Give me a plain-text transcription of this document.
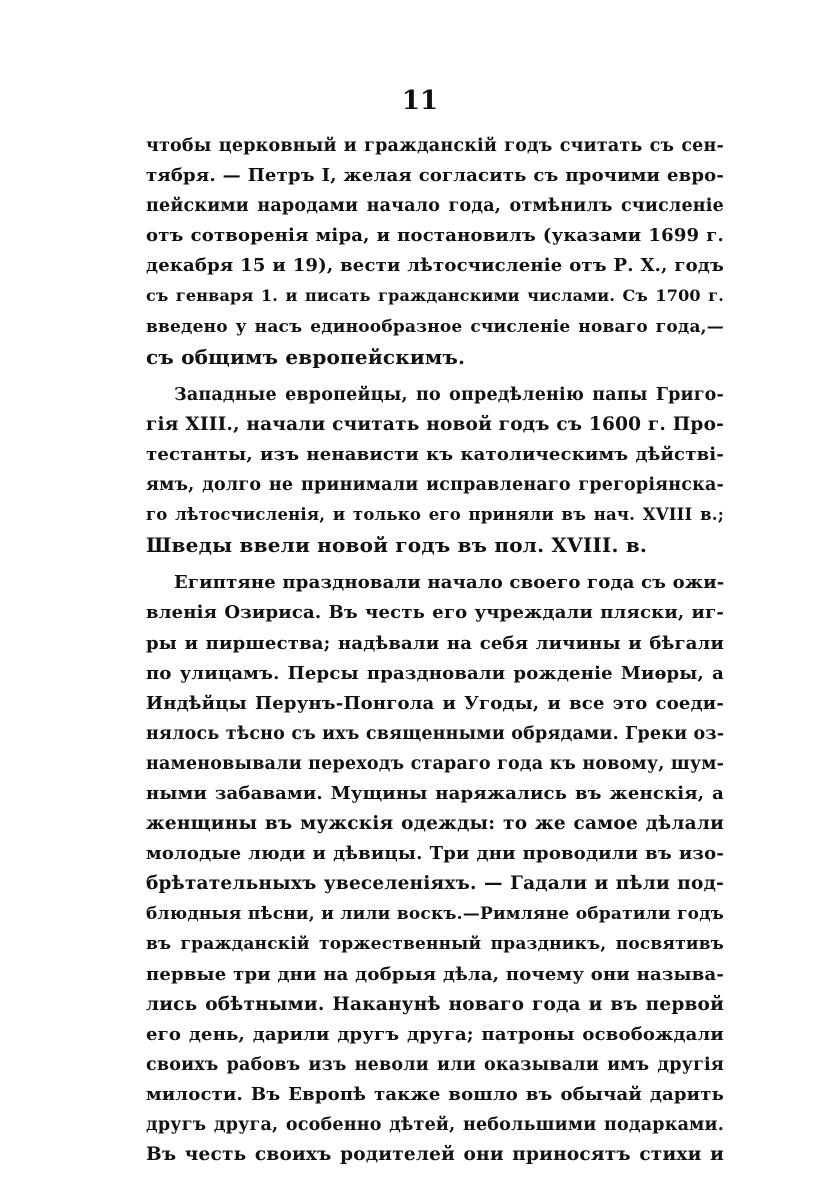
11
чтобы церковный и гражданскій годъ считать съ сен-
тября. — Петръ I, желая согласить съ прочими евро-
пейскими народами начало года, отмѣнилъ счисленіе
отъ сотворенія міра, и постановилъ (указами 1699 г.
декабря 15 и 19), вести лѣтосчисленіе отъ Р. Х., годъ
съ генваря 1. и писать гражданскими числами. Съ 1700 г.
введено у насъ единообразное счисленіе новаго года,—
съ общимъ европейскимъ.
Западные европейцы, по опредѣленію папы Григо-
гія XIII., начали считать новой годъ съ 1600 г. Про-
тестанты, изъ ненависти къ католическимъ дѣйстві-
ямъ, долго не принимали исправленаго грегоріянска-
го лѣтосчисленія, и только его приняли въ нач. XVIII в.;
Шведы ввели новой годъ въ пол. XVIII. в.
Египтяне праздновали начало своего года съ ожи-
вленія Озириса. Въ честь его учреждали пляски, иг-
ры и пиршества; надѣвали на себя личины и бѣгали
по улицамъ. Персы праздновали рожденіе Миѳры, а
Индѣйцы Перунъ-Понгола и Угоды, и все это соеди-
нялось тѣсно съ ихъ священными обрядами. Греки оз-
наменовывали переходъ стараго года къ новому, шум-
ными забавами. Мущины наряжались въ женскія, а
женщины въ мужскія одежды: то же самое дѣлали
молодые люди и дѣвицы. Три дни проводили въ изо-
брѣтательныхъ увеселеніяхъ. — Гадали и пѣли под-
блюдныя пѣсни, и лили воскъ.—Римляне обратили годъ
въ гражданскій торжественный праздникъ, посвятивъ
первые три дни на добрыя дѣла, почему они называ-
лись обѣтными. Наканунѣ новаго года и въ первой
его день, дарили другъ друга; патроны освобождали
своихъ рабовъ изъ неволи или оказывали имъ другія
милости. Въ Европѣ также вошло въ обычай дарить
другъ друга, особенно дѣтей, небольшими подарками.
Въ честь своихъ родителей они приносятъ стихи и
